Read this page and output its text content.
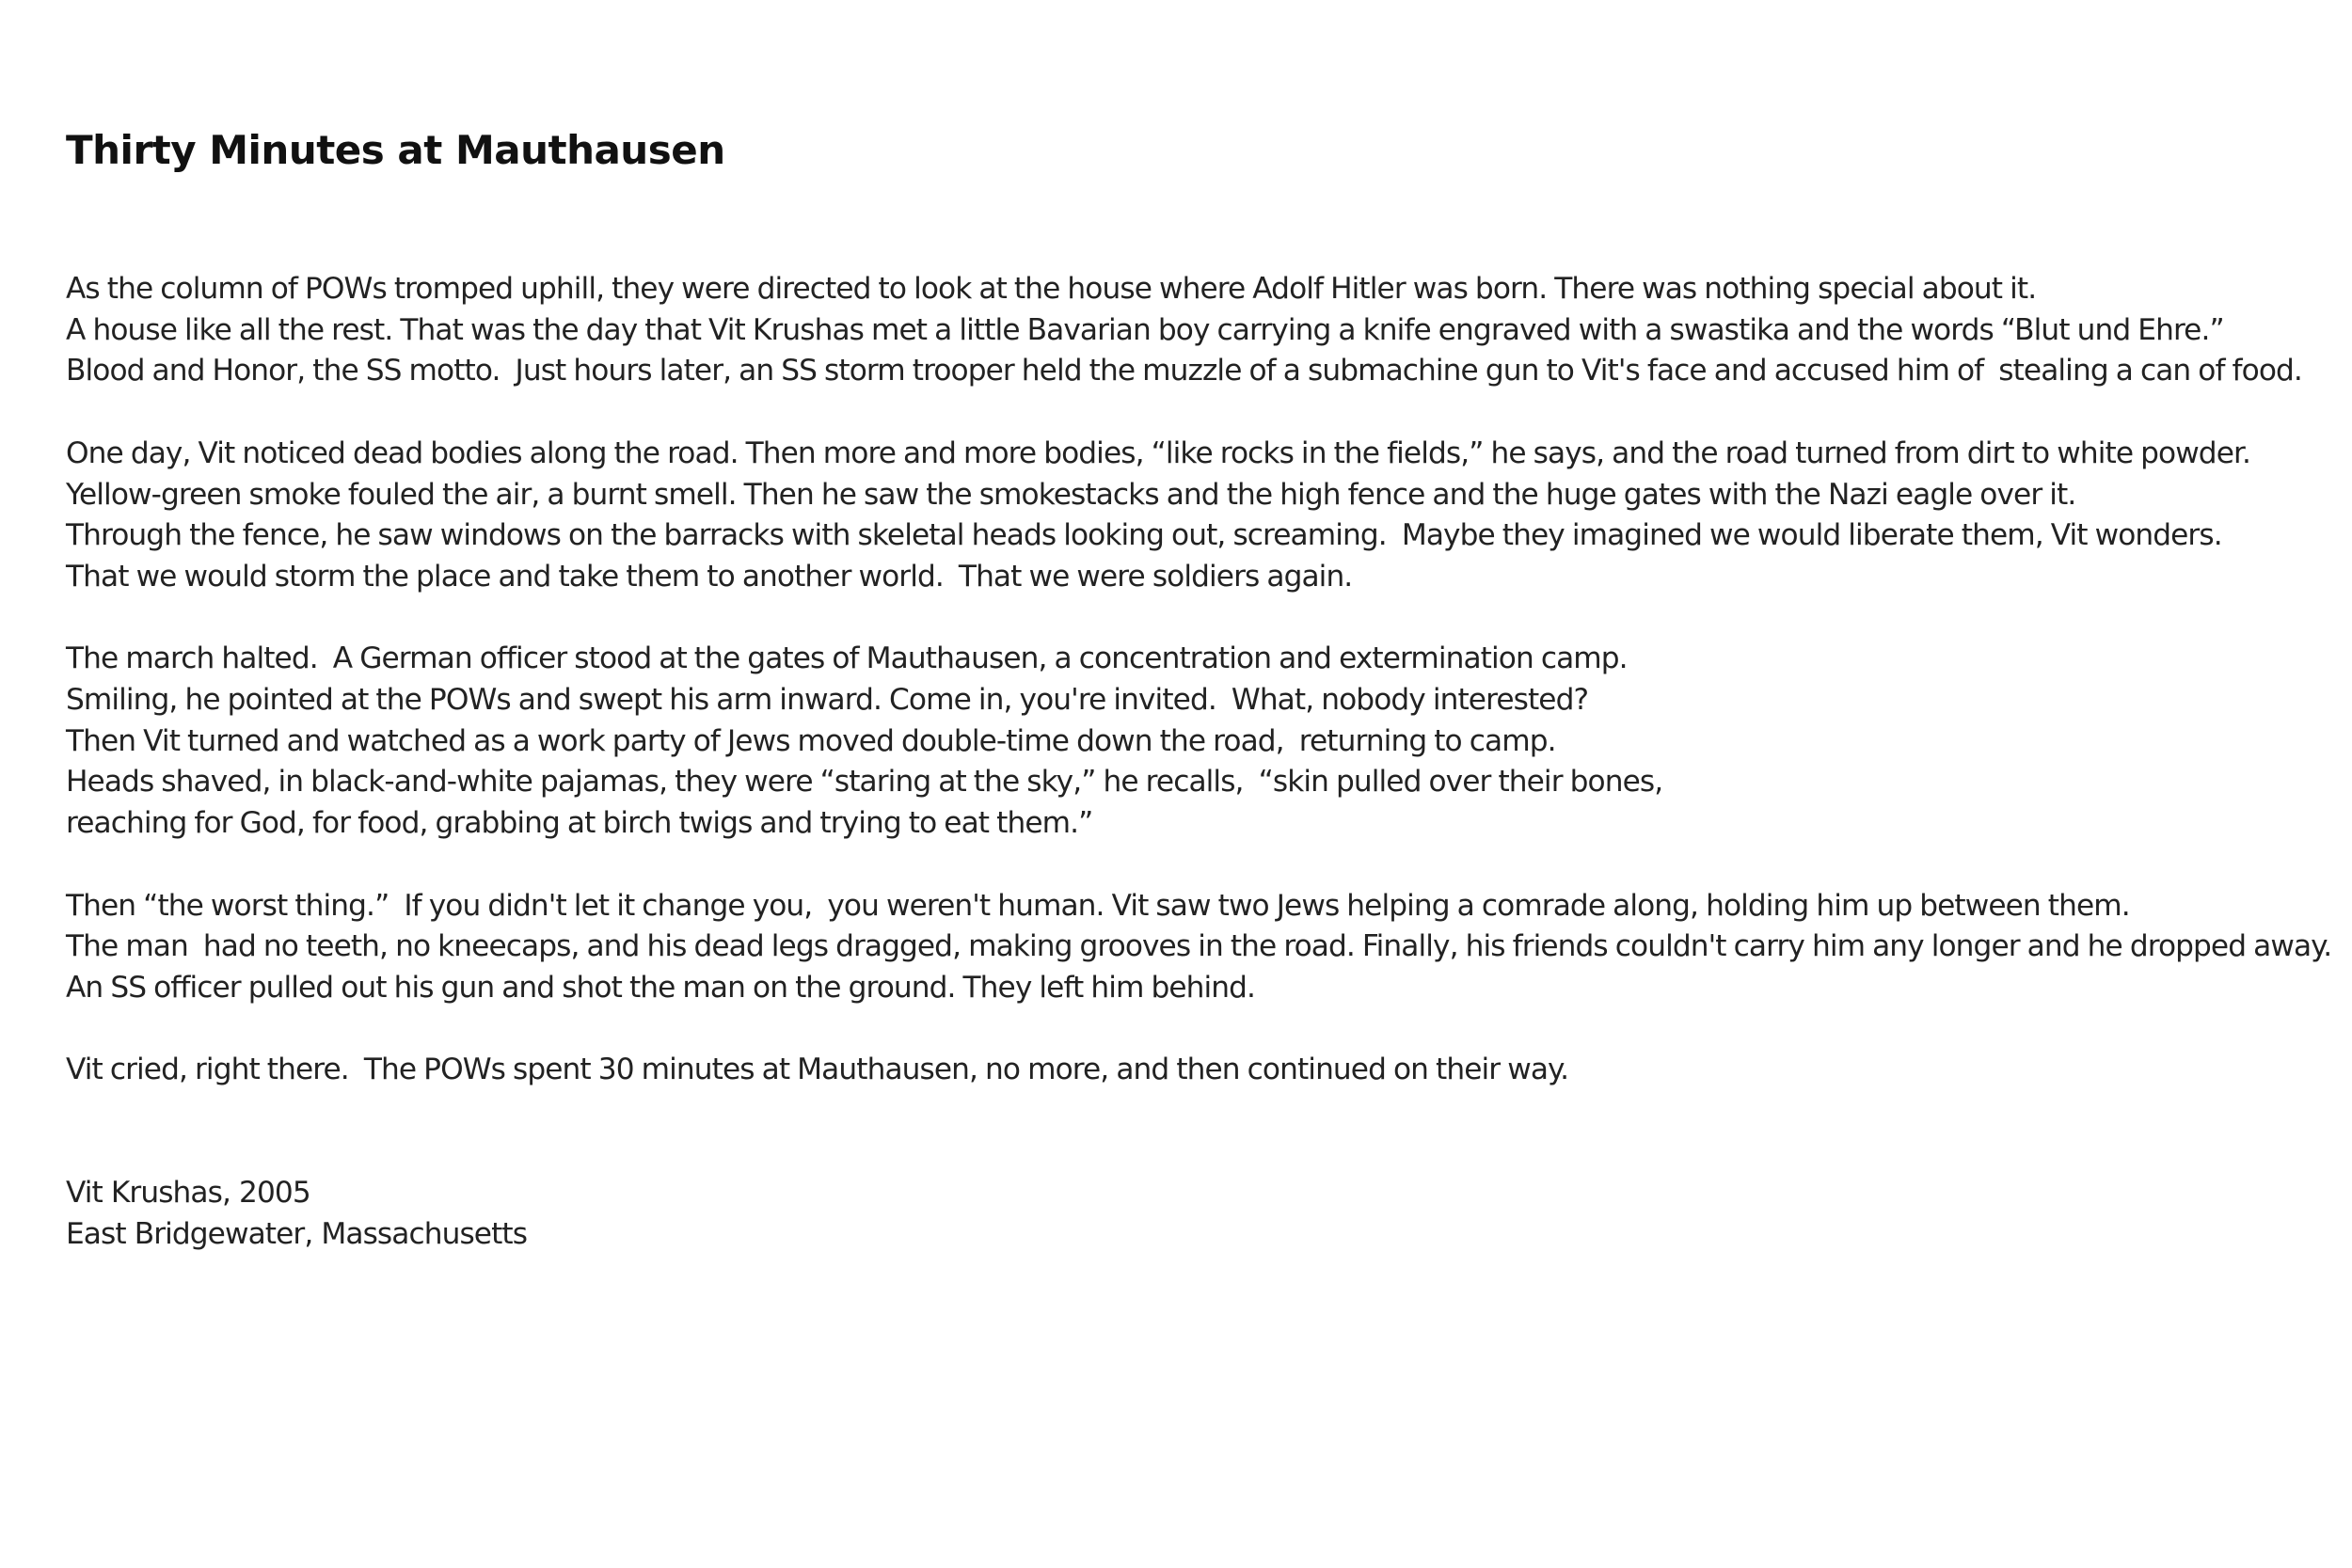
Thirty Minutes at Mauthausen

As the column of POWs tromped uphill, they were directed to look at the house where Adolf Hitler was born. There was nothing special about it.
A house like all the rest. That was the day that Vit Krushas met a little Bavarian boy carrying a knife engraved with a swastika and the words “Blut und Ehre.”
Blood and Honor, the SS motto.  Just hours later, an SS storm trooper held the muzzle of a submachine gun to Vit's face and accused him of  stealing a can of food.

One day, Vit noticed dead bodies along the road. Then more and more bodies, “like rocks in the fields,” he says, and the road turned from dirt to white powder.
Yellow-green smoke fouled the air, a burnt smell. Then he saw the smokestacks and the high fence and the huge gates with the Nazi eagle over it.
Through the fence, he saw windows on the barracks with skeletal heads looking out, screaming.  Maybe they imagined we would liberate them, Vit wonders.
That we would storm the place and take them to another world.  That we were soldiers again.

The march halted.  A German officer stood at the gates of Mauthausen, a concentration and extermination camp.
Smiling, he pointed at the POWs and swept his arm inward. Come in, you're invited.  What, nobody interested?
Then Vit turned and watched as a work party of Jews moved double-time down the road,  returning to camp.
Heads shaved, in black-and-white pajamas, they were “staring at the sky,” he recalls,  “skin pulled over their bones,
reaching for God, for food, grabbing at birch twigs and trying to eat them.”

Then “the worst thing.”  If you didn't let it change you,  you weren't human. Vit saw two Jews helping a comrade along, holding him up between them.
The man  had no teeth, no kneecaps, and his dead legs dragged, making grooves in the road. Finally, his friends couldn't carry him any longer and he dropped away.
An SS officer pulled out his gun and shot the man on the ground. They left him behind.

Vit cried, right there.  The POWs spent 30 minutes at Mauthausen, no more, and then continued on their way.

Vit Krushas, 2005
East Bridgewater, Massachusetts
